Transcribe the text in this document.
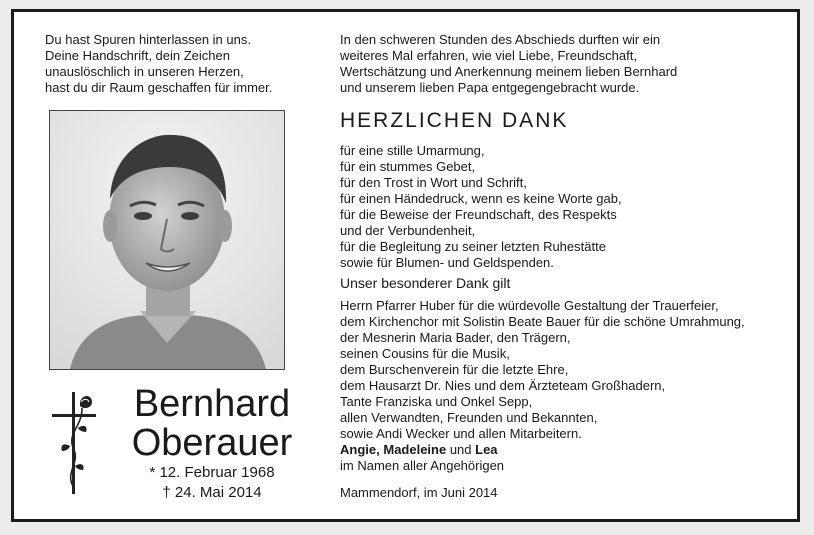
Du hast Spuren hinterlassen in uns.
Deine Handschrift, dein Zeichen
unauslöschlich in unseren Herzen,
hast du dir Raum geschaffen für immer.

Bernhard
Oberauer
* 12. Februar 1968
† 24. Mai 2014

In den schweren Stunden des Abschieds durften wir ein
weiteres Mal erfahren, wie viel Liebe, Freundschaft,
Wertschätzung und Anerkennung meinem lieben Bernhard
und unserem lieben Papa entgegengebracht wurde.

HERZLICHEN DANK

für eine stille Umarmung,
für ein stummes Gebet,
für den Trost in Wort und Schrift,
für einen Händedruck, wenn es keine Worte gab,
für die Beweise der Freundschaft, des Respekts
und der Verbundenheit,
für die Begleitung zu seiner letzten Ruhestätte
sowie für Blumen- und Geldspenden.

Unser besonderer Dank gilt

Herrn Pfarrer Huber für die würdevolle Gestaltung der Trauerfeier,
dem Kirchenchor mit Solistin Beate Bauer für die schöne Umrahmung,
der Mesnerin Maria Bader, den Trägern,
seinen Cousins für die Musik,
dem Burschenverein für die letzte Ehre,
dem Hausarzt Dr. Nies und dem Ärzteteam Großhadern,
Tante Franziska und Onkel Sepp,
allen Verwandten, Freunden und Bekannten,
sowie Andi Wecker und allen Mitarbeitern.

Angie, Madeleine und Lea
im Namen aller Angehörigen

Mammendorf, im Juni 2014
